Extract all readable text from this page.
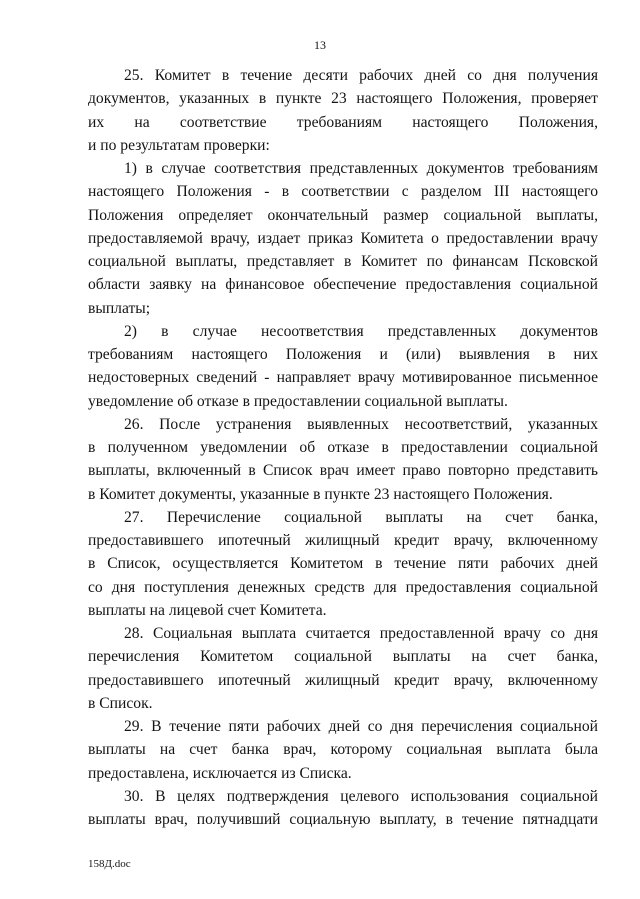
13
25. Комитет в течение десяти рабочих дней со дня получения
документов, указанных в пункте 23 настоящего Положения, проверяет
их на соответствие требованиям настоящего Положения,
и по результатам проверки:
1) в случае соответствия представленных документов требованиям
настоящего Положения - в соответствии с разделом III настоящего
Положения определяет окончательный размер социальной выплаты,
предоставляемой врачу, издает приказ Комитета о предоставлении врачу
социальной выплаты, представляет в Комитет по финансам Псковской
области заявку на финансовое обеспечение предоставления социальной
выплаты;
2) в случае несоответствия представленных документов
требованиям настоящего Положения и (или) выявления в них
недостоверных сведений - направляет врачу мотивированное письменное
уведомление об отказе в предоставлении социальной выплаты.
26. После устранения выявленных несоответствий, указанных
в полученном уведомлении об отказе в предоставлении социальной
выплаты, включенный в Список врач имеет право повторно представить
в Комитет документы, указанные в пункте 23 настоящего Положения.
27. Перечисление социальной выплаты на счет банка,
предоставившего ипотечный жилищный кредит врачу, включенному
в Список, осуществляется Комитетом в течение пяти рабочих дней
со дня поступления денежных средств для предоставления социальной
выплаты на лицевой счет Комитета.
28. Социальная выплата считается предоставленной врачу со дня
перечисления Комитетом социальной выплаты на счет банка,
предоставившего ипотечный жилищный кредит врачу, включенному
в Список.
29. В течение пяти рабочих дней со дня перечисления социальной
выплаты на счет банка врач, которому социальная выплата была
предоставлена, исключается из Списка.
30. В целях подтверждения целевого использования социальной
выплаты врач, получивший социальную выплату, в течение пятнадцати
158Д.doc
